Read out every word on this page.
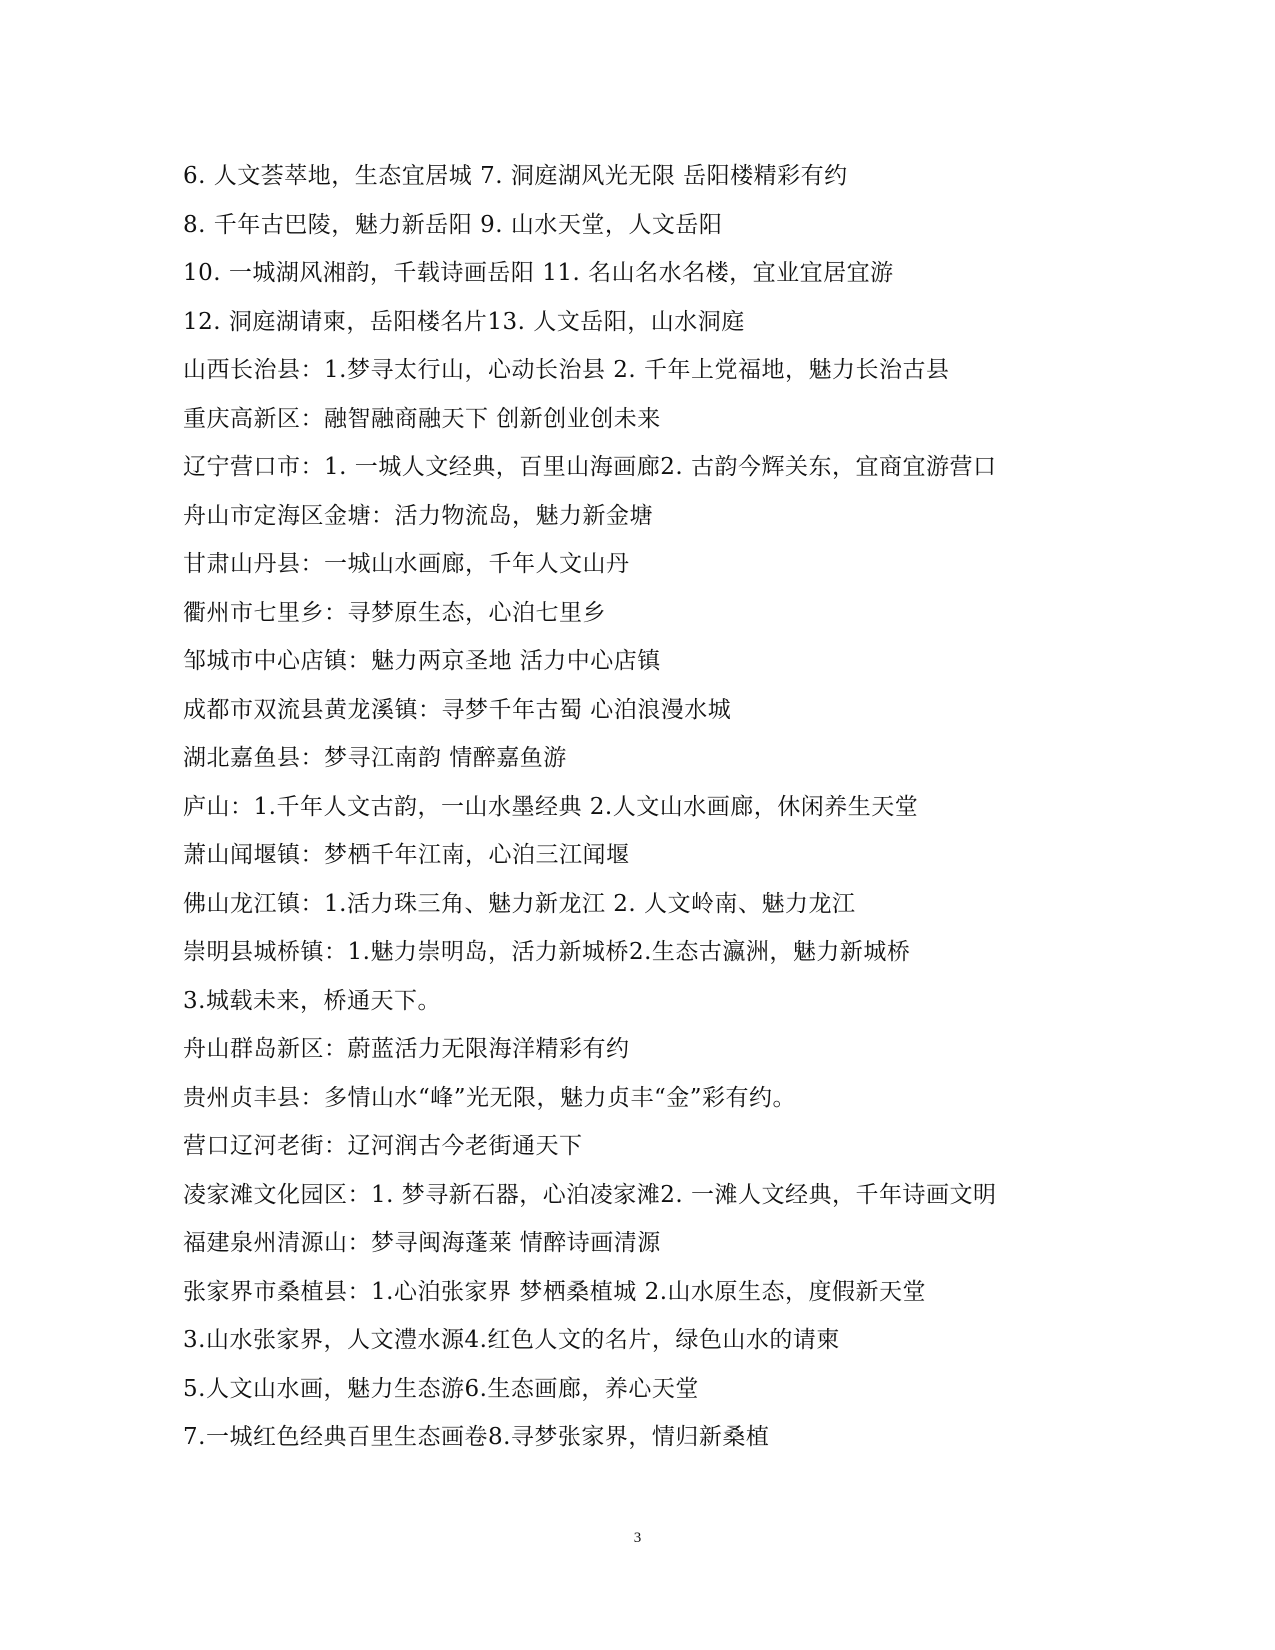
6. 人文荟萃地，生态宜居城 7. 洞庭湖风光无限 岳阳楼精彩有约
8. 千年古巴陵，魅力新岳阳 9. 山水天堂，人文岳阳
10. 一城湖风湘韵，千载诗画岳阳 11. 名山名水名楼，宜业宜居宜游
12. 洞庭湖请柬，岳阳楼名片13. 人文岳阳，山水洞庭
山西长治县：1.梦寻太行山，心动长治县 2. 千年上党福地，魅力长治古县
重庆高新区：融智融商融天下 创新创业创未来
辽宁营口市：1. 一城人文经典，百里山海画廊2. 古韵今辉关东，宜商宜游营口
舟山市定海区金塘：活力物流岛，魅力新金塘
甘肃山丹县：一城山水画廊，千年人文山丹
衢州市七里乡：寻梦原生态，心泊七里乡
邹城市中心店镇：魅力两京圣地 活力中心店镇
成都市双流县黄龙溪镇：寻梦千年古蜀 心泊浪漫水城
湖北嘉鱼县：梦寻江南韵 情醉嘉鱼游
庐山：1.千年人文古韵，一山水墨经典 2.人文山水画廊，休闲养生天堂
萧山闻堰镇：梦栖千年江南，心泊三江闻堰
佛山龙江镇：1.活力珠三角、魅力新龙江 2. 人文岭南、魅力龙江
崇明县城桥镇：1.魅力崇明岛，活力新城桥2.生态古瀛洲，魅力新城桥
3.城载未来，桥通天下。
舟山群岛新区：蔚蓝活力无限海洋精彩有约
贵州贞丰县：多情山水“峰”光无限，魅力贞丰“金”彩有约。
营口辽河老街：辽河润古今老街通天下
凌家滩文化园区：1. 梦寻新石器，心泊凌家滩2. 一滩人文经典，千年诗画文明
福建泉州清源山：梦寻闽海蓬莱 情醉诗画清源
张家界市桑植县：1.心泊张家界 梦栖桑植城 2.山水原生态，度假新天堂
3.山水张家界，人文澧水源4.红色人文的名片，绿色山水的请柬
5.人文山水画，魅力生态游6.生态画廊，养心天堂
7.一城红色经典百里生态画卷8.寻梦张家界，情归新桑植
3
